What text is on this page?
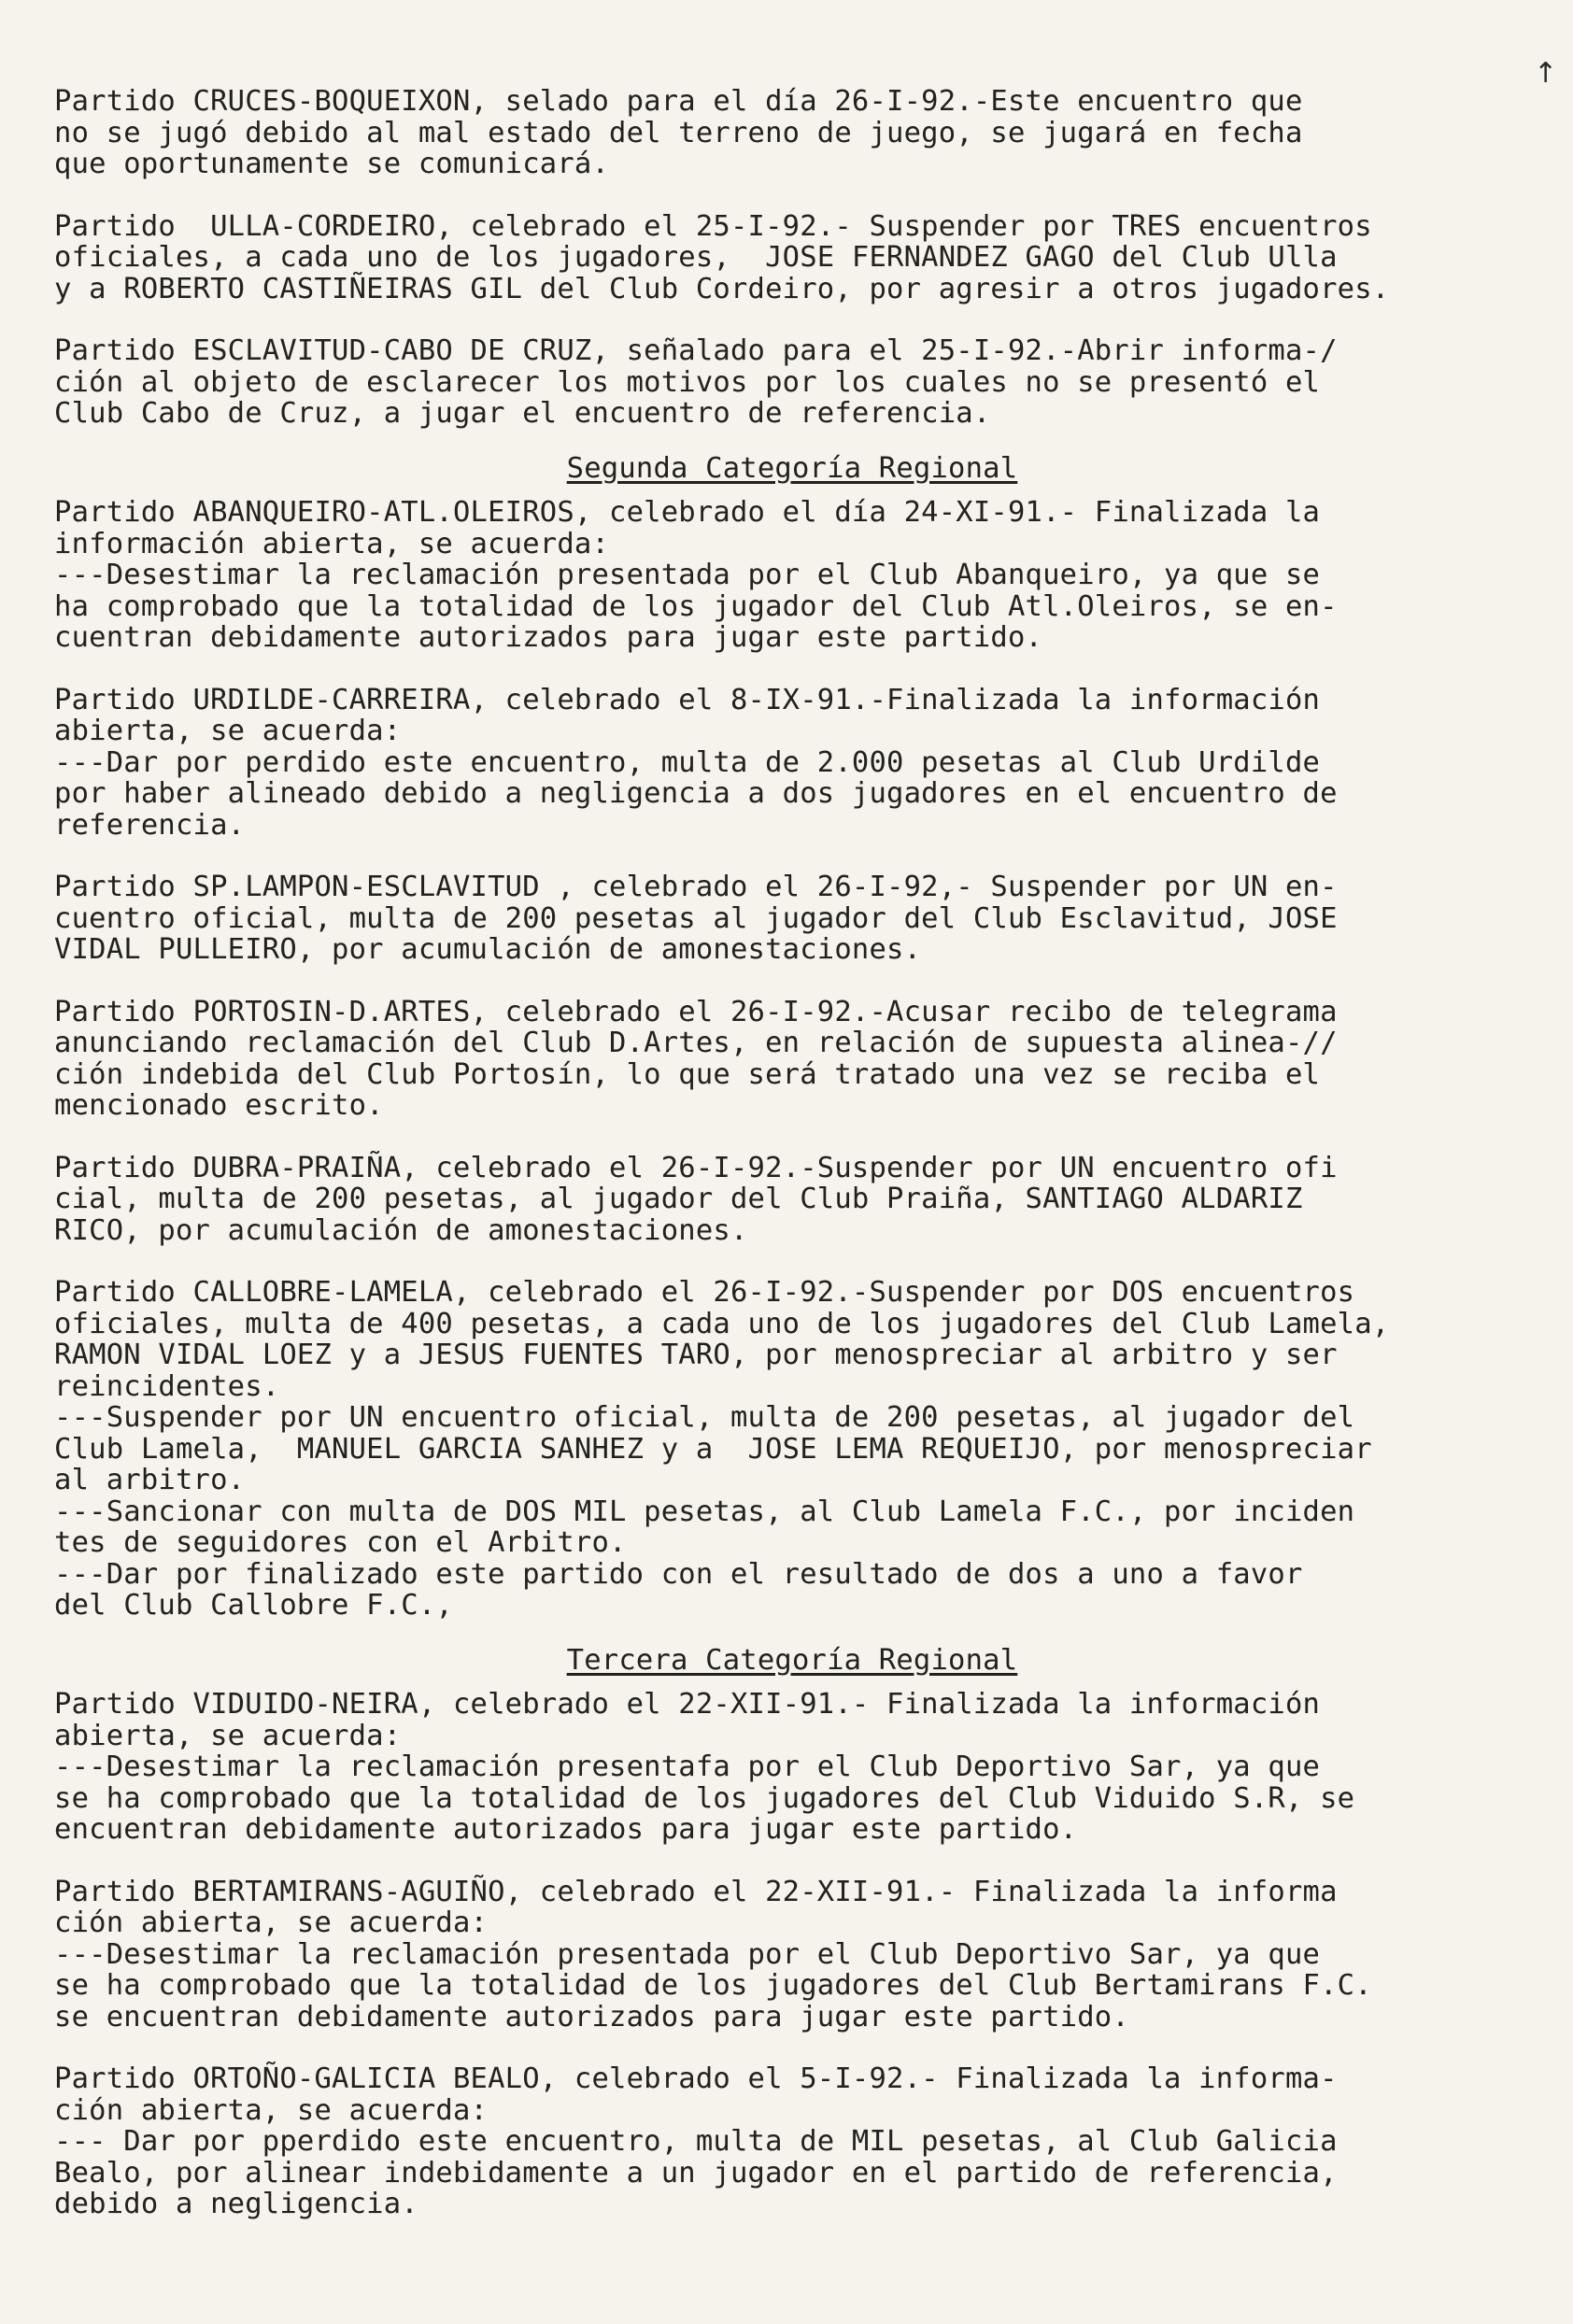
↑
Partido CRUCES-BOQUEIXON, selado para el día 26-I-92.-Este encuentro que
no se jugó debido al mal estado del terreno de juego, se jugará en fecha
que oportunamente se comunicará.
Partido  ULLA-CORDEIRO, celebrado el 25-I-92.- Suspender por TRES encuentros
oficiales, a cada uno de los jugadores,  JOSE FERNANDEZ GAGO del Club Ulla
y a ROBERTO CASTIÑEIRAS GIL del Club Cordeiro, por agresir a otros jugadores.
Partido ESCLAVITUD-CABO DE CRUZ, señalado para el 25-I-92.-Abrir informa-/
ción al objeto de esclarecer los motivos por los cuales no se presentó el
Club Cabo de Cruz, a jugar el encuentro de referencia.
Segunda Categoría Regional
Partido ABANQUEIRO-ATL.OLEIROS, celebrado el día 24-XI-91.- Finalizada la
información abierta, se acuerda:
---Desestimar la reclamación presentada por el Club Abanqueiro, ya que se
ha comprobado que la totalidad de los jugador del Club Atl.Oleiros, se en-
cuentran debidamente autorizados para jugar este partido.
Partido URDILDE-CARREIRA, celebrado el 8-IX-91.-Finalizada la información
abierta, se acuerda:
---Dar por perdido este encuentro, multa de 2.000 pesetas al Club Urdilde
por haber alineado debido a negligencia a dos jugadores en el encuentro de
referencia.
Partido SP.LAMPON-ESCLAVITUD , celebrado el 26-I-92,- Suspender por UN en-
cuentro oficial, multa de 200 pesetas al jugador del Club Esclavitud, JOSE
VIDAL PULLEIRO, por acumulación de amonestaciones.
Partido PORTOSIN-D.ARTES, celebrado el 26-I-92.-Acusar recibo de telegrama
anunciando reclamación del Club D.Artes, en relación de supuesta alinea-//
ción indebida del Club Portosín, lo que será tratado una vez se reciba el
mencionado escrito.
Partido DUBRA-PRAIÑA, celebrado el 26-I-92.-Suspender por UN encuentro ofi
cial, multa de 200 pesetas, al jugador del Club Praiña, SANTIAGO ALDARIZ
RICO, por acumulación de amonestaciones.
Partido CALLOBRE-LAMELA, celebrado el 26-I-92.-Suspender por DOS encuentros
oficiales, multa de 400 pesetas, a cada uno de los jugadores del Club Lamela,
RAMON VIDAL LOEZ y a JESUS FUENTES TARO, por menospreciar al arbitro y ser
reincidentes.
---Suspender por UN encuentro oficial, multa de 200 pesetas, al jugador del
Club Lamela,  MANUEL GARCIA SANHEZ y a  JOSE LEMA REQUEIJO, por menospreciar
al arbitro.
---Sancionar con multa de DOS MIL pesetas, al Club Lamela F.C., por inciden
tes de seguidores con el Arbitro.
---Dar por finalizado este partido con el resultado de dos a uno a favor
del Club Callobre F.C.,
Tercera Categoría Regional
Partido VIDUIDO-NEIRA, celebrado el 22-XII-91.- Finalizada la información
abierta, se acuerda:
---Desestimar la reclamación presentafa por el Club Deportivo Sar, ya que
se ha comprobado que la totalidad de los jugadores del Club Viduido S.R, se
encuentran debidamente autorizados para jugar este partido.
Partido BERTAMIRANS-AGUIÑO, celebrado el 22-XII-91.- Finalizada la informa
ción abierta, se acuerda:
---Desestimar la reclamación presentada por el Club Deportivo Sar, ya que
se ha comprobado que la totalidad de los jugadores del Club Bertamirans F.C.
se encuentran debidamente autorizados para jugar este partido.
Partido ORTOÑO-GALICIA BEALO, celebrado el 5-I-92.- Finalizada la informa-
ción abierta, se acuerda:
--- Dar por pperdido este encuentro, multa de MIL pesetas, al Club Galicia
Bealo, por alinear indebidamente a un jugador en el partido de referencia,
debido a negligencia.
